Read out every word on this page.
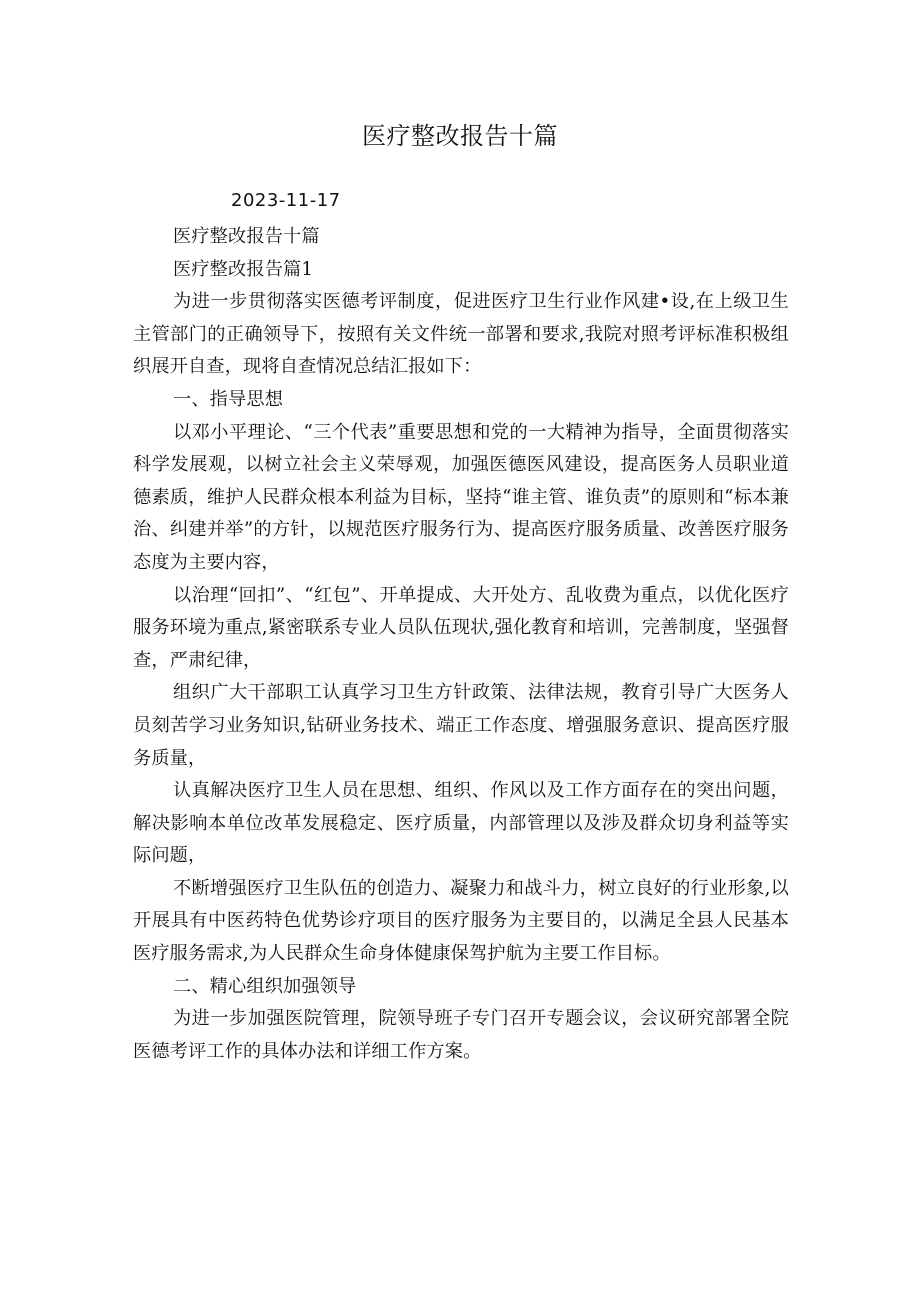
医疗整改报告十篇
2023-11-17

医疗整改报告十篇

医疗整改报告篇1

为进一步贯彻落实医德考评制度，促进医疗卫生行业作风建•设,在上级卫生主管部门的正确领导下，按照有关文件统一部署和要求,我院对照考评标准积极组织展开自查，现将自查情况总结汇报如下：

一、指导思想

以邓小平理论、“三个代表”重要思想和党的一大精神为指导，全面贯彻落实科学发展观，以树立社会主义荣辱观，加强医德医风建设，提高医务人员职业道德素质，维护人民群众根本利益为目标，坚持“谁主管、谁负责”的原则和“标本兼治、纠建并举”的方针，以规范医疗服务行为、提高医疗服务质量、改善医疗服务态度为主要内容，

以治理“回扣”、“红包”、开单提成、大开处方、乱收费为重点，以优化医疗服务环境为重点,紧密联系专业人员队伍现状,强化教育和培训，完善制度，坚强督查，严肃纪律，

组织广大干部职工认真学习卫生方针政策、法律法规，教育引导广大医务人员刻苦学习业务知识,钻研业务技术、端正工作态度、增强服务意识、提高医疗服务质量，

认真解决医疗卫生人员在思想、组织、作风以及工作方面存在的突出问题，解决影响本单位改革发展稳定、医疗质量，内部管理以及涉及群众切身利益等实际问题，

不断增强医疗卫生队伍的创造力、凝聚力和战斗力，树立良好的行业形象,以开展具有中医药特色优势诊疗项目的医疗服务为主要目的，以满足全县人民基本医疗服务需求,为人民群众生命身体健康保驾护航为主要工作目标。

二、精心组织加强领导

为进一步加强医院管理，院领导班子专门召开专题会议，会议研究部署全院医德考评工作的具体办法和详细工作方案。
